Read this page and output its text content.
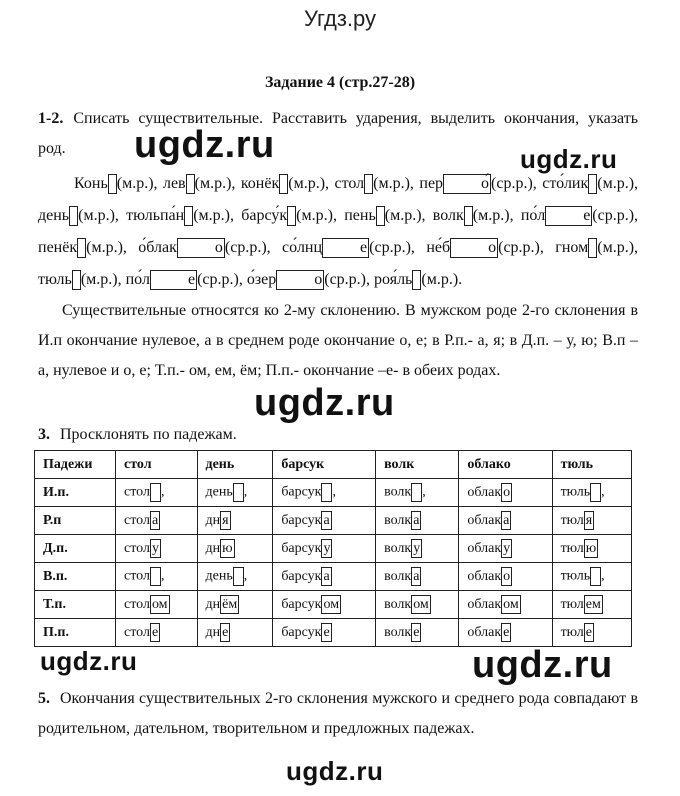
Угдз.ру
Задание 4 (стр.27-28)
1-2. Списать существительные. Расставить ударения, выделить окончания, указать род.
Конь (м.р.), лев (м.р.), конёк (м.р.), стол (м.р.), пер о́ (ср.р.), сто́лик (м.р.), день (м.р.), тюльпа́н (м.р.), барсу́к (м.р.), пень (м.р.), волк (м.р.), по́л е (ср.р.), пенёк (м.р.), о́блак о (ср.р.), со́лнц е (ср.р.), не́б о (ср.р.), гном (м.р.), тюль (м.р.), по́л е (ср.р.), о́зер о (ср.р.), роя́ль (м.р.).
Существительные относятся ко 2-му склонению. В мужском роде 2-го склонения в И.п окончание нулевое, а в среднем роде окончание о, е; в Р.п.- а, я; в Д.п. – у, ю; В.п – а, нулевое и о, е; Т.п.- ом, ем, ём; П.п.- окончание –е- в обеих родах.
3. Просклонять по падежам.
Падежи	стол	день	барсук	волк	облако	тюль
И.п.	стол ,	день ,	барсук ,	волк ,	облак о	тюль ,
Р.п	стол а	дн я	барсук а	волк а	облак а	тюл я
Д.п.	стол у	дн ю	барсук у	волк у	облак у	тюл ю
В.п.	стол ,	день ,	барсук а	волк а	облак о	тюль ,
Т.п.	стол ом	дн ём	барсук ом	волк ом	облак ом	тюл ем
П.п.	стол е	дн е	барсук е	волк е	облак е	тюл е
5. Окончания существительных 2-го склонения мужского и среднего рода совпадают в родительном, дательном, творительном и предложных падежах.
ugdz.ru	ugdz.ru
ugdz.ru
ugdz.ru	ugdz.ru
ugdz.ru
